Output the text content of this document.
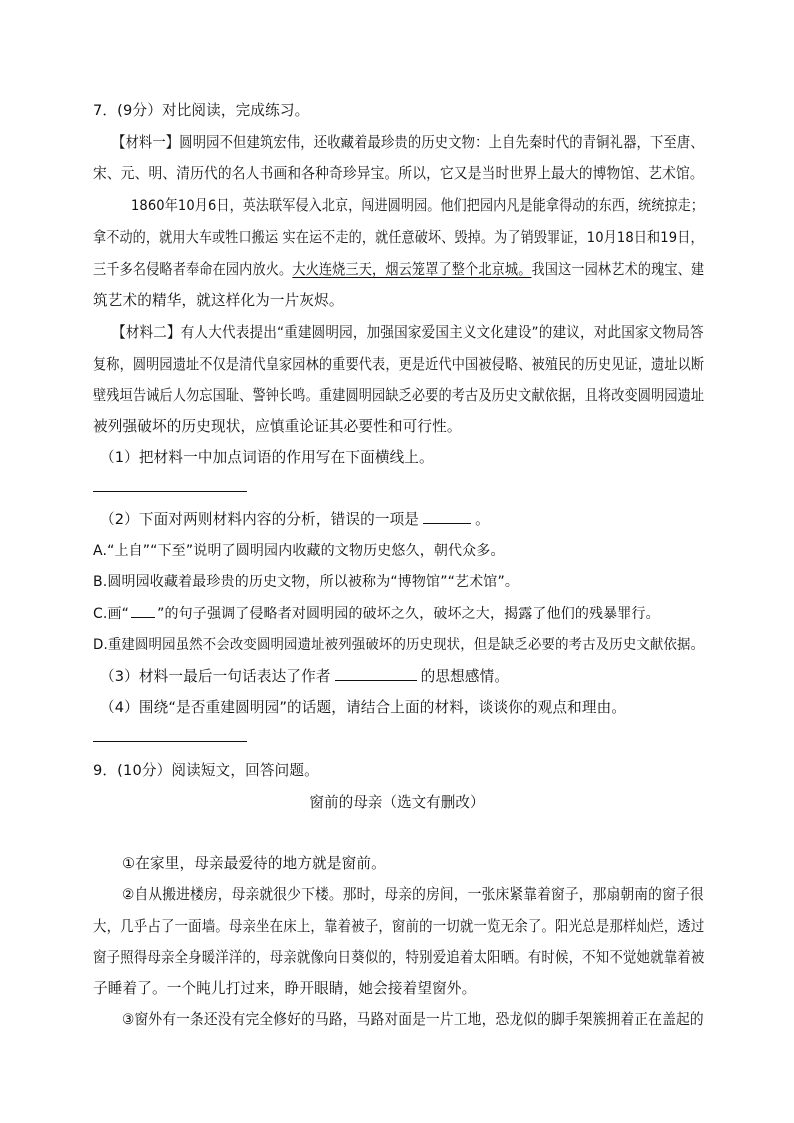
7．(9分）对比阅读，完成练习。
【材料一】圆明园不但建筑宏伟，还收藏着最珍贵的历史文物：上自先秦时代的青铜礼器，下至唐、
宋、元、明、清历代的名人书画和各种奇珍异宝。所以，它又是当时世界上最大的博物馆、艺术馆。
1860年10月6日，英法联军侵入北京，闯进圆明园。他们把园内凡是能拿得动的东西，统统掠走；
拿不动的，就用大车或牲口搬运 实在运不走的，就任意破坏、毁掉。为了销毁罪证，10月18日和19日，
三千多名侵略者奉命在园内放火。大火连烧三天，烟云笼罩了整个北京城。我国这一园林艺术的瑰宝、建
筑艺术的精华，就这样化为一片灰烬。
【材料二】有人大代表提出“重建圆明园，加强国家爱国主义文化建设”的建议，对此国家文物局答
复称，圆明园遗址不仅是清代皇家园林的重要代表，更是近代中国被侵略、被殖民的历史见证，遗址以断
壁残垣告诫后人勿忘国耻、警钟长鸣。重建圆明园缺乏必要的考古及历史文献依据，且将改变圆明园遗址
被列强破坏的历史现状，应慎重论证其必要性和可行性。
（1）把材料一中加点词语的作用写在下面横线上。
（2）下面对两则材料内容的分析，错误的一项是	。
A.“上自”“下至”说明了圆明园内收藏的文物历史悠久，朝代众多。
B.圆明园收藏着最珍贵的历史文物，所以被称为“博物馆”“艺术馆”。
C.画“ ”的句子强调了侵略者对圆明园的破坏之久，破坏之大，揭露了他们的残暴罪行。
D.重建圆明园虽然不会改变圆明园遗址被列强破坏的历史现状，但是缺乏必要的考古及历史文献依据。
（3）材料一最后一句话表达了作者	的思想感情。
（4）围绕“是否重建圆明园”的话题，请结合上面的材料，谈谈你的观点和理由。
9．(10分）阅读短文，回答问题。
窗前的母亲（选文有删改）
①在家里，母亲最爱待的地方就是窗前。
②自从搬进楼房，母亲就很少下楼。那时，母亲的房间，一张床紧靠着窗子，那扇朝南的窗子很
大，几乎占了一面墙。母亲坐在床上，靠着被子，窗前的一切就一览无余了。阳光总是那样灿烂，透过
窗子照得母亲全身暖洋洋的，母亲就像向日葵似的，特别爱追着太阳晒。有时候，不知不觉她就靠着被
子睡着了。一个盹儿打过来，睁开眼睛，她会接着望窗外。
③窗外有一条还没有完全修好的马路，马路对面是一片工地，恐龙似的脚手架簇拥着正在盖起的
